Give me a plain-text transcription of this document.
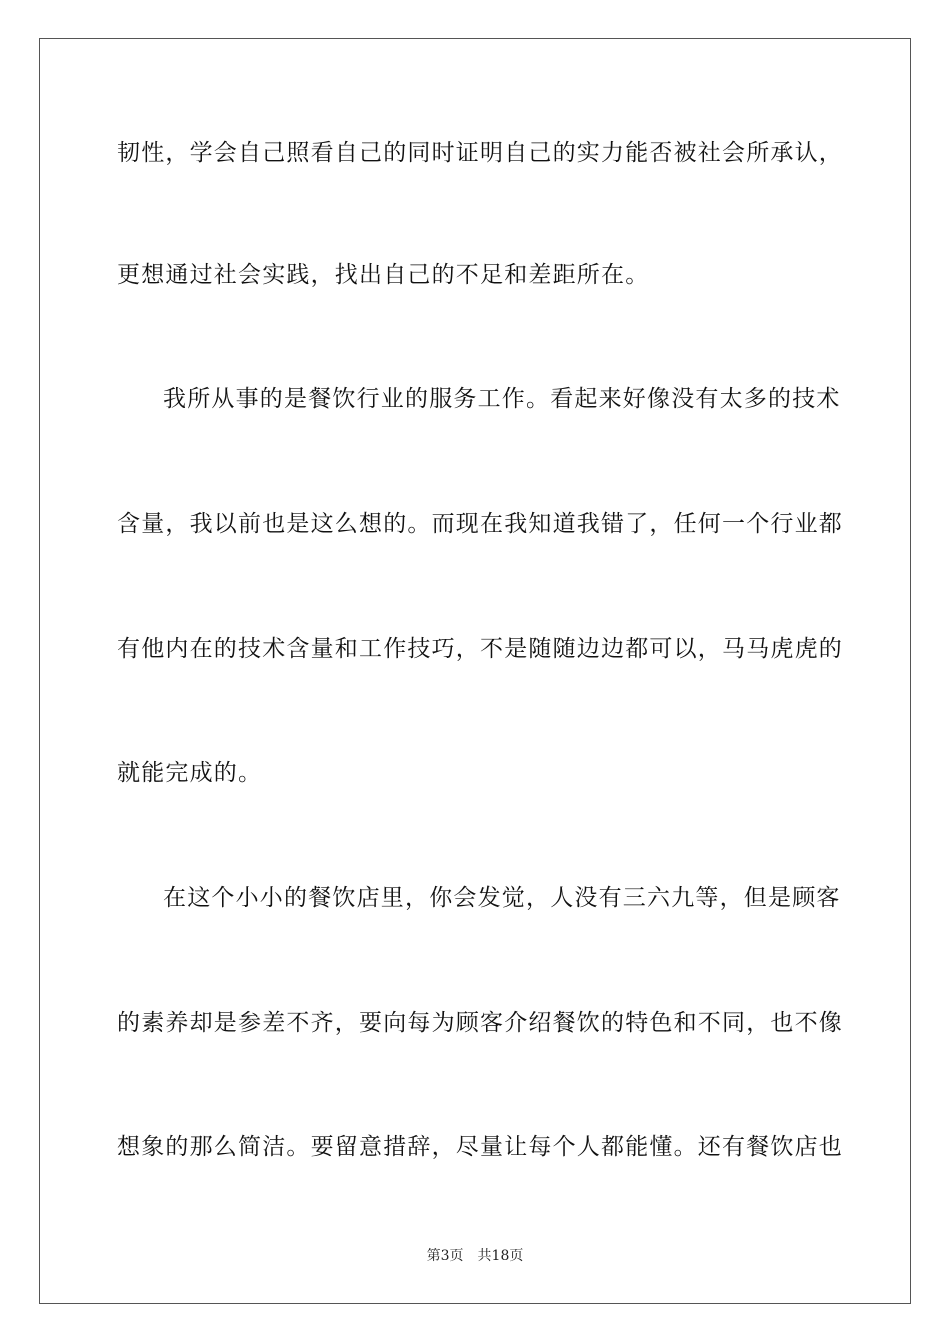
韧性，学会自己照看自己的同时证明自己的实力能否被社会所承认，
更想通过社会实践，找出自己的不足和差距所在。
我所从事的是餐饮行业的服务工作。看起来好像没有太多的技术
含量，我以前也是这么想的。而现在我知道我错了，任何一个行业都
有他内在的技术含量和工作技巧，不是随随边边都可以，马马虎虎的
就能完成的。
在这个小小的餐饮店里，你会发觉，人没有三六九等，但是顾客
的素养却是参差不齐，要向每为顾客介绍餐饮的特色和不同，也不像
想象的那么简洁。要留意措辞，尽量让每个人都能懂。还有餐饮店也
第3页 共18页
